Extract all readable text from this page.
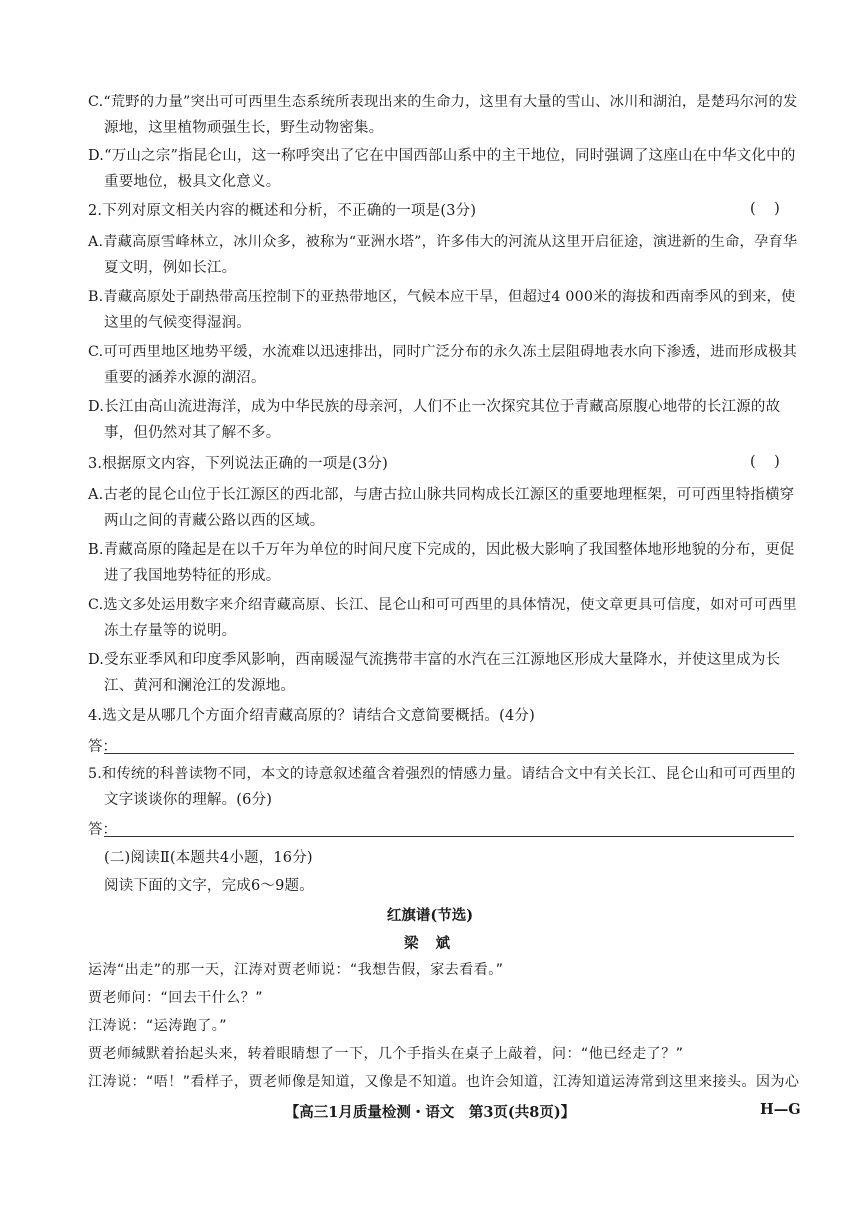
C.“荒野的力量”突出可可西里生态系统所表现出来的生命力，这里有大量的雪山、冰川和湖泊，是楚玛尔河的发
源地，这里植物顽强生长，野生动物密集。
D.“万山之宗”指昆仑山，这一称呼突出了它在中国西部山系中的主干地位，同时强调了这座山在中华文化中的
重要地位，极具文化意义。
2.下列对原文相关内容的概述和分析，不正确的一项是(3分)	(    )
A.青藏高原雪峰林立，冰川众多，被称为“亚洲水塔”，许多伟大的河流从这里开启征途，演进新的生命，孕育华
夏文明，例如长江。
B.青藏高原处于副热带高压控制下的亚热带地区，气候本应干旱，但超过4 000米的海拔和西南季风的到来，使
这里的气候变得湿润。
C.可可西里地区地势平缓，水流难以迅速排出，同时广泛分布的永久冻土层阻碍地表水向下渗透，进而形成极其
重要的涵养水源的湖沼。
D.长江由高山流进海洋，成为中华民族的母亲河，人们不止一次探究其位于青藏高原腹心地带的长江源的故
事，但仍然对其了解不多。
3.根据原文内容，下列说法正确的一项是(3分)	(    )
A.古老的昆仑山位于长江源区的西北部，与唐古拉山脉共同构成长江源区的重要地理框架，可可西里特指横穿
两山之间的青藏公路以西的区域。
B.青藏高原的隆起是在以千万年为单位的时间尺度下完成的，因此极大影响了我国整体地形地貌的分布，更促
进了我国地势特征的形成。
C.选文多处运用数字来介绍青藏高原、长江、昆仑山和可可西里的具体情况，使文章更具可信度，如对可可西里
冻土存量等的说明。
D.受东亚季风和印度季风影响，西南暖湿气流携带丰富的水汽在三江源地区形成大量降水，并使这里成为长
江、黄河和澜沧江的发源地。
4.选文是从哪几个方面介绍青藏高原的？请结合文意简要概括。(4分)
答：
5.和传统的科普读物不同，本文的诗意叙述蕴含着强烈的情感力量。请结合文中有关长江、昆仑山和可可西里的
文字谈谈你的理解。(6分)
答：
(二)阅读Ⅱ(本题共4小题，16分)
阅读下面的文字，完成6～9题。
红旗谱(节选)
梁 斌
运涛“出走”的那一天，江涛对贾老师说：“我想告假，家去看看。”
贾老师问：“回去干什么？”
江涛说：“运涛跑了。”
贾老师缄默着抬起头来，转着眼睛想了一下，几个手指头在桌子上敲着，问：“他已经走了？”
江涛说：“唔！”看样子，贾老师像是知道，又像是不知道。也许会知道，江涛知道运涛常到这里来接头。因为心
【高三1月质量检测・语文　第3页(共8页)】	H—G
